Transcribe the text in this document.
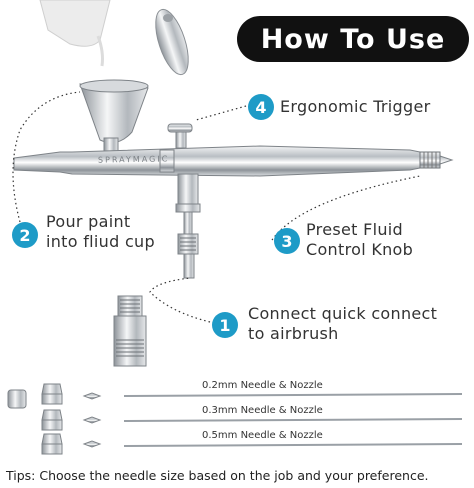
How To Use
SPRAYMAGIC
4 Ergonomic Trigger
2
Pour paint
into fliud cup	3
Preset Fluid
Control Knob
1
Connect quick connect
to airbrush
0.2mm Needle & Nozzle
0.3mm Needle & Nozzle
0.5mm Needle & Nozzle
Tips: Choose the needle size based on the job and your preference.
